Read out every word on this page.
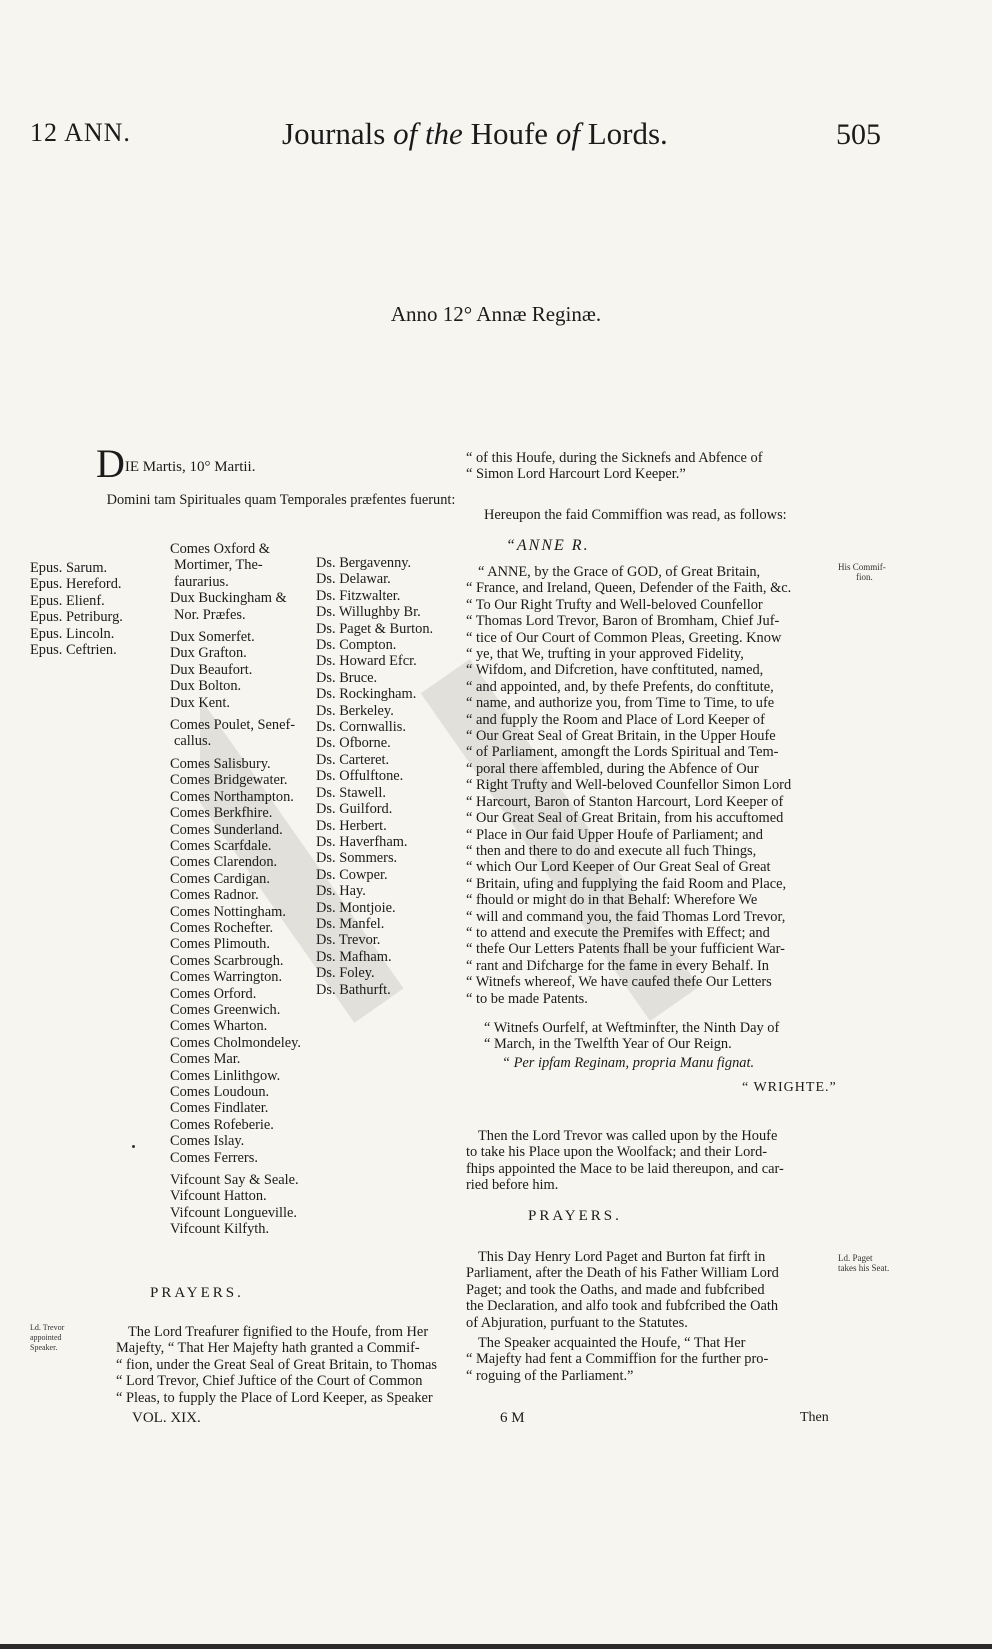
12 ANN.	Journals of the Houfe of Lords.	505
Anno 12° Annæ Reginæ.
DIE Martis, 10° Martii.
Domini tam Spirituales quam Temporales præfentes fuerunt:
Epus. Sarum.
Epus. Hereford.
Epus. Elienf.
Epus. Petriburg.
Epus. Lincoln.
Epus. Ceftrien.
Comes Oxford &
Mortimer, The-
faurarius.
Dux Buckingham &
Nor. Præfes.
Dux Somerfet.
Dux Grafton.
Dux Beaufort.
Dux Bolton.
Dux Kent.
Comes Poulet, Senef-
callus.
Comes Salisbury.
Comes Bridgewater.
Comes Northampton.
Comes Berkfhire.
Comes Sunderland.
Comes Scarfdale.
Comes Clarendon.
Comes Cardigan.
Comes Radnor.
Comes Nottingham.
Comes Rochefter.
Comes Plimouth.
Comes Scarbrough.
Comes Warrington.
Comes Orford.
Comes Greenwich.
Comes Wharton.
Comes Cholmondeley.
Comes Mar.
Comes Linlithgow.
Comes Loudoun.
Comes Findlater.
Comes Rofeberie.
Comes Islay.
Comes Ferrers.
Vifcount Say & Seale.
Vifcount Hatton.
Vifcount Longueville.
Vifcount Kilfyth.
Ds. Bergavenny.
Ds. Delawar.
Ds. Fitzwalter.
Ds. Willughby Br.
Ds. Paget & Burton.
Ds. Compton.
Ds. Howard Efcr.
Ds. Bruce.
Ds. Rockingham.
Ds. Berkeley.
Ds. Cornwallis.
Ds. Ofborne.
Ds. Carteret.
Ds. Offulftone.
Ds. Stawell.
Ds. Guilford.
Ds. Herbert.
Ds. Haverfham.
Ds. Sommers.
Ds. Cowper.
Ds. Hay.
Ds. Montjoie.
Ds. Manfel.
Ds. Trevor.
Ds. Mafham.
Ds. Foley.
Ds. Bathurft.
PRAYERS.
Ld. Trevor
appointed
Speaker.
The Lord Treafurer fignified to the Houfe, from Her
Majefty, “ That Her Majefty hath granted a Commif-
“ fion, under the Great Seal of Great Britain, to Thomas
“ Lord Trevor, Chief Juftice of the Court of Common
“ Pleas, to fupply the Place of Lord Keeper, as Speaker
VOL. XIX.
“ of this Houfe, during the Sicknefs and Abfence of
“ Simon Lord Harcourt Lord Keeper.”
Hereupon the faid Commiffion was read, as follows:
“ANNE R.
“ ANNE, by the Grace of GOD, of Great Britain,
“ France, and Ireland, Queen, Defender of the Faith, &c.
“ To Our Right Trufty and Well-beloved Counfellor
“ Thomas Lord Trevor, Baron of Bromham, Chief Juf-
“ tice of Our Court of Common Pleas, Greeting. Know
“ ye, that We, trufting in your approved Fidelity,
“ Wifdom, and Difcretion, have conftituted, named,
“ and appointed, and, by thefe Prefents, do conftitute,
“ name, and authorize you, from Time to Time, to ufe
“ and fupply the Room and Place of Lord Keeper of
“ Our Great Seal of Great Britain, in the Upper Houfe
“ of Parliament, amongft the Lords Spiritual and Tem-
“ poral there affembled, during the Abfence of Our
“ Right Trufty and Well-beloved Counfellor Simon Lord
“ Harcourt, Baron of Stanton Harcourt, Lord Keeper of
“ Our Great Seal of Great Britain, from his accuftomed
“ Place in Our faid Upper Houfe of Parliament; and
“ then and there to do and execute all fuch Things,
“ which Our Lord Keeper of Our Great Seal of Great
“ Britain, ufing and fupplying the faid Room and Place,
“ fhould or might do in that Behalf: Wherefore We
“ will and command you, the faid Thomas Lord Trevor,
“ to attend and execute the Premifes with Effect; and
“ thefe Our Letters Patents fhall be your fufficient War-
“ rant and Difcharge for the fame in every Behalf. In
“ Witnefs whereof, We have caufed thefe Our Letters
“ to be made Patents.
His Commif-
fion.
“ Witnefs Ourfelf, at Weftminfter, the Ninth Day of
“ March, in the Twelfth Year of Our Reign.
“ Per ipfam Reginam, propria Manu fignat.
“ WRIGHTE.”
Then the Lord Trevor was called upon by the Houfe
to take his Place upon the Woolfack; and their Lord-
fhips appointed the Mace to be laid thereupon, and car-
ried before him.
PRAYERS.
This Day Henry Lord Paget and Burton fat firft in
Parliament, after the Death of his Father William Lord
Paget; and took the Oaths, and made and fubfcribed
the Declaration, and alfo took and fubfcribed the Oath
of Abjuration, purfuant to the Statutes.
Ld. Paget
takes his Seat.
The Speaker acquainted the Houfe, “ That Her
“ Majefty had fent a Commiffion for the further pro-
“ roguing of the Parliament.”
6 M	Then
